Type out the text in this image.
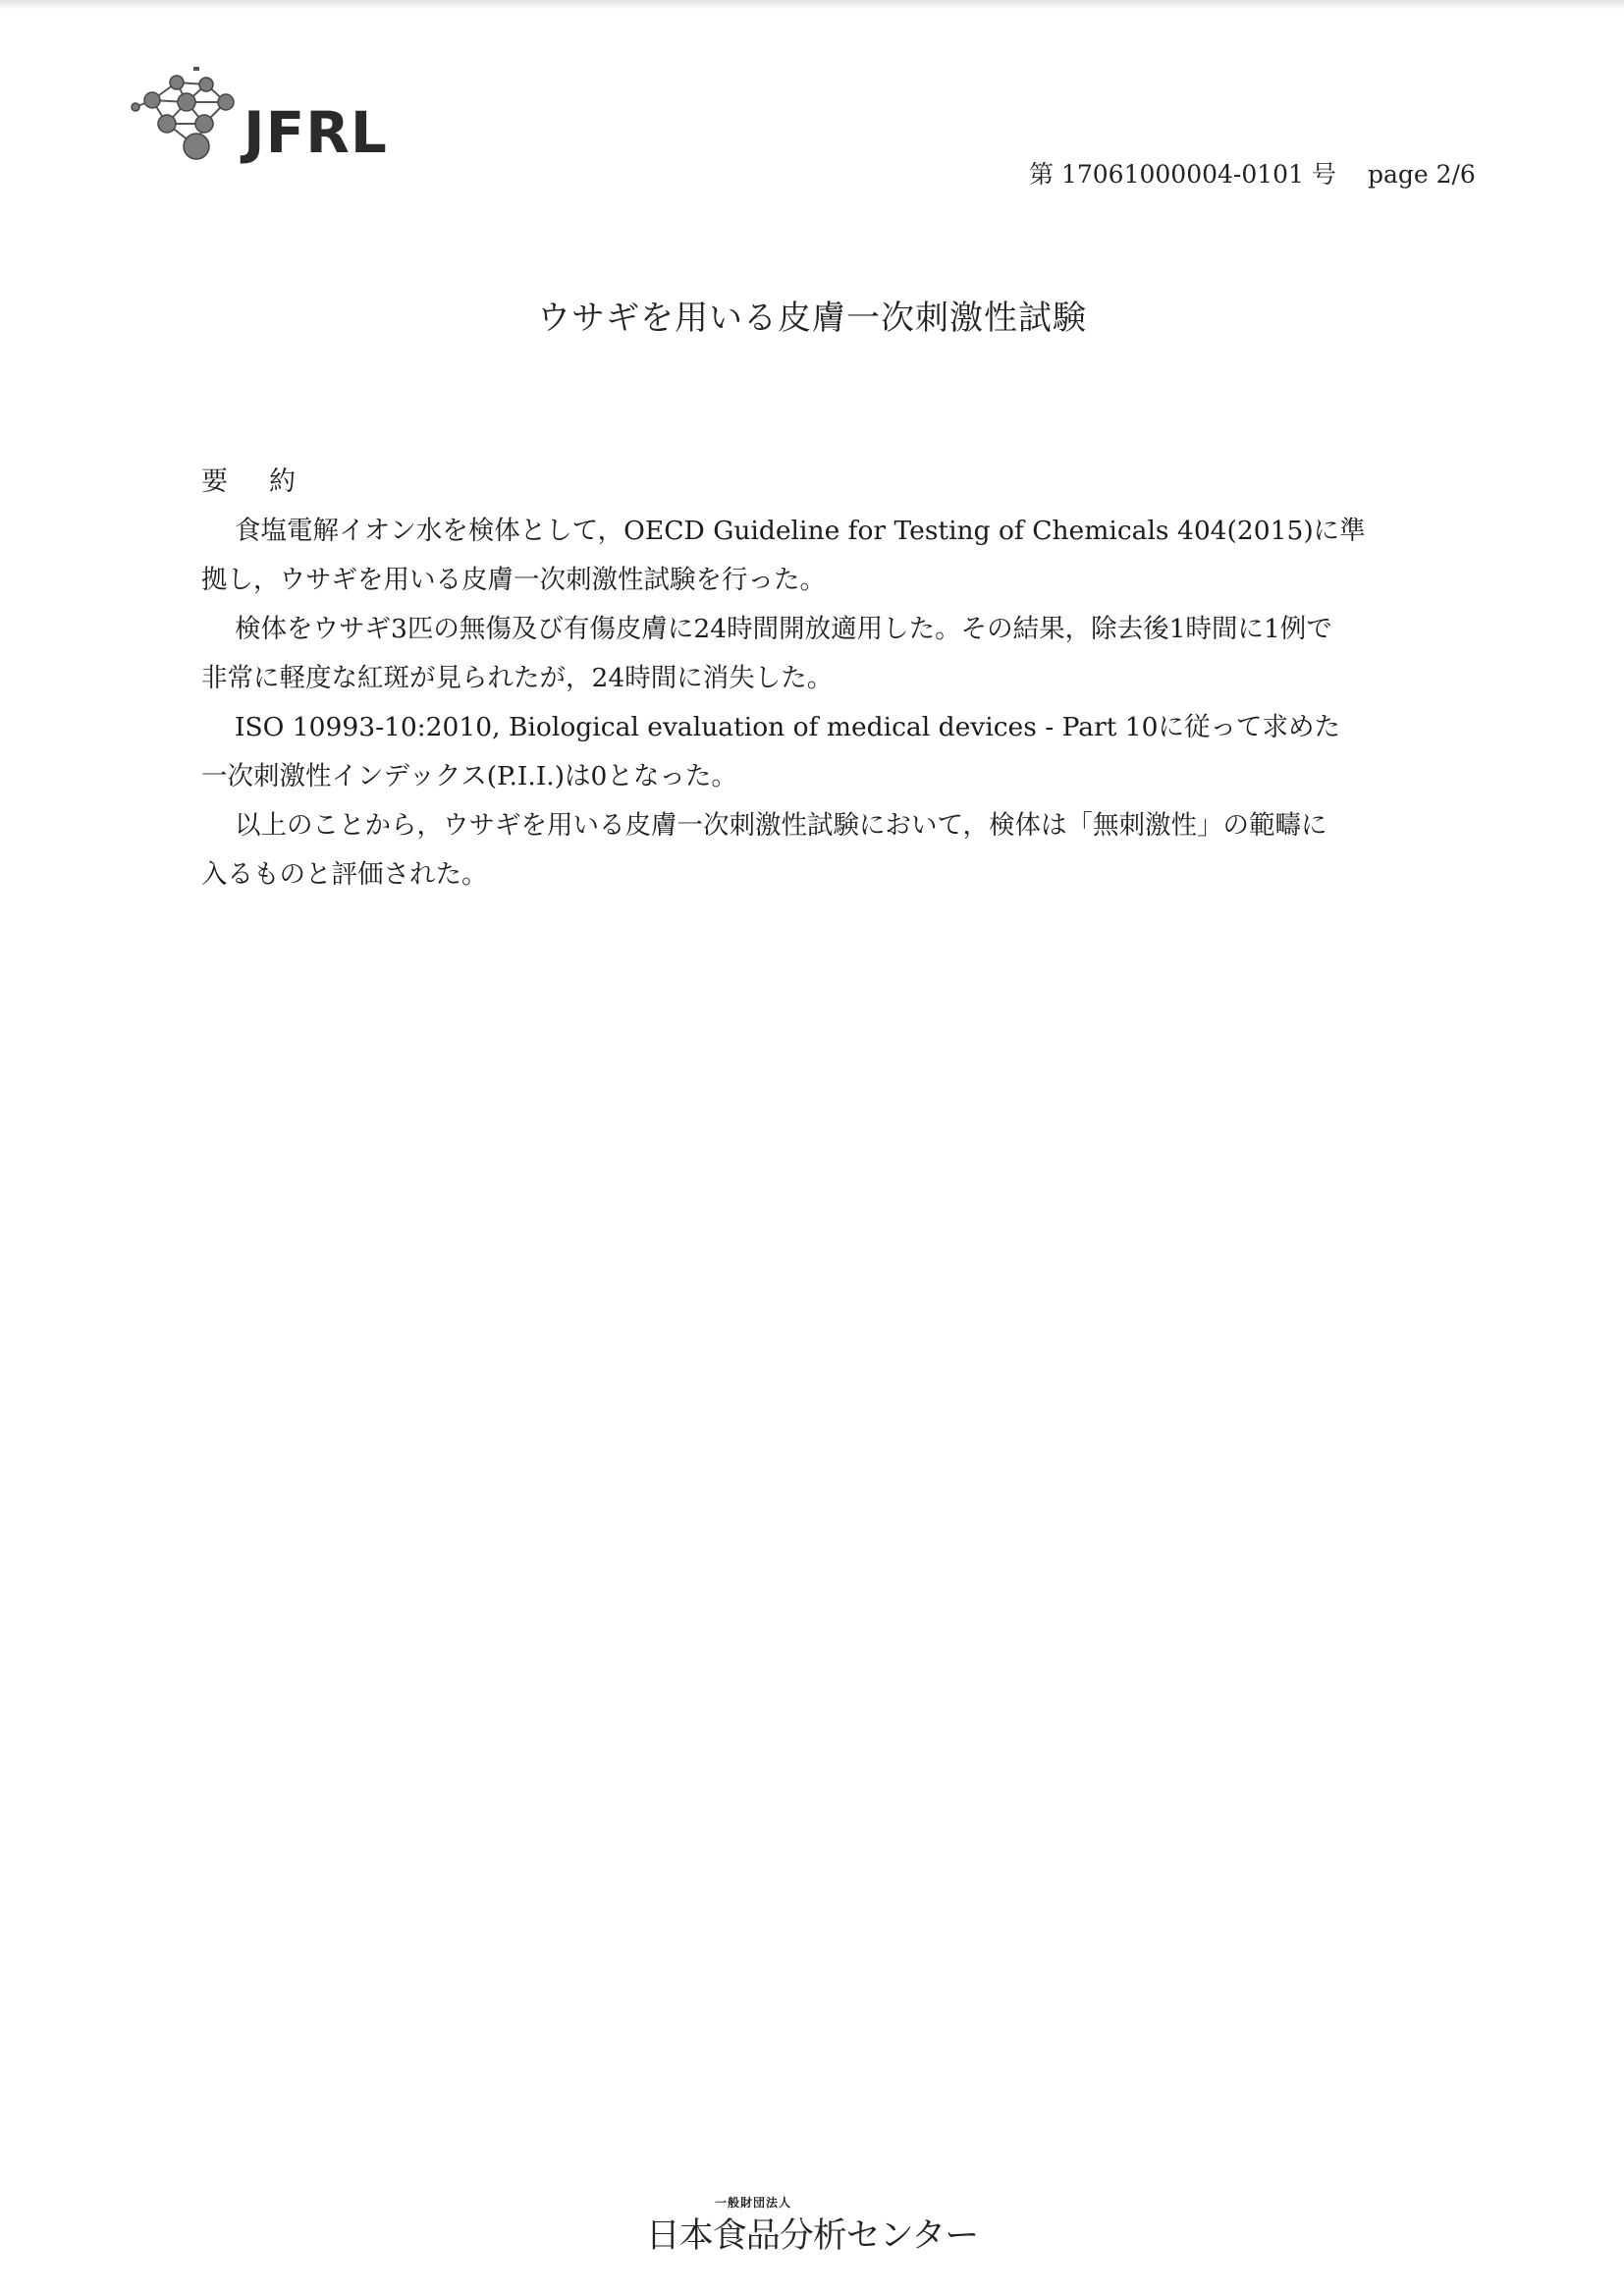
JFRL
第 17061000004-0101 号 page 2/6
ウサギを用いる皮膚一次刺激性試験
要約

食塩電解イオン水を検体として，OECD Guideline for Testing of Chemicals 404(2015)に準

拠し，ウサギを用いる皮膚一次刺激性試験を行った。

検体をウサギ3匹の無傷及び有傷皮膚に24時間開放適用した。その結果，除去後1時間に1例で

非常に軽度な紅斑が見られたが，24時間に消失した。

ISO 10993-10:2010, Biological evaluation of medical devices - Part 10に従って求めた

一次刺激性インデックス(P.I.I.)は0となった。

以上のことから，ウサギを用いる皮膚一次刺激性試験において，検体は「無刺激性」の範疇に

入るものと評価された。

一般財団法人
日本食品分析センター
